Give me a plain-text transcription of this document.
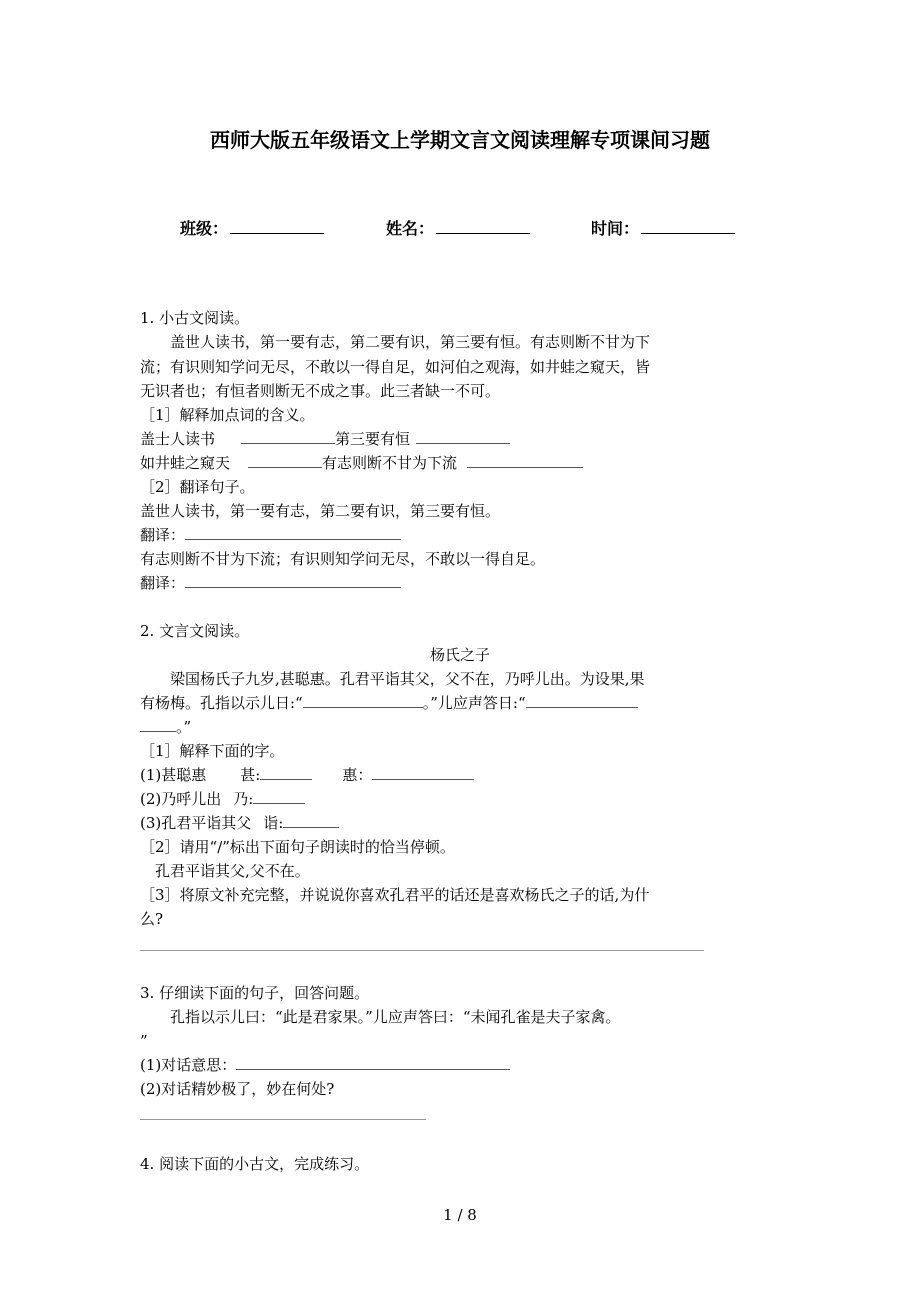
西师大版五年级语文上学期文言文阅读理解专项课间习题
班级：	姓名：	时间：
1. 小古文阅读。
　　盖世人读书，第一要有志，第二要有识，第三要有恒。有志则断不甘为下
流；有识则知学问无尽，不敢以一得自足，如河伯之观海，如井蛙之窥天，皆
无识者也；有恒者则断无不成之事。此三者缺一不可。
［1］解释加点词的含义。
盖士人读书	第三要有恒
如井蛙之窥天	有志则断不甘为下流
［2］翻译句子。
盖世人读书，第一要有志，第二要有识，第三要有恒。
翻译：
有志则断不甘为下流；有识则知学问无尽，不敢以一得自足。
翻译：
2. 文言文阅读。
杨氏之子
　　梁国杨氏子九岁,甚聪惠。孔君平诣其父，父不在，乃呼儿出。为设果,果
有杨梅。孔指以示儿日:“	。”儿应声答日:“
。”
［1］解释下面的字。
(1)甚聪惠 甚:	惠：
(2)乃呼儿出 乃:
(3)孔君平诣其父 诣:
［2］请用“/”标出下面句子朗读时的恰当停顿。
　孔君平诣其父,父不在。
［3］将原文补充完整，并说说你喜欢孔君平的话还是喜欢杨氏之子的话,为什
么?
3. 仔细读下面的句子，回答问题。
　　孔指以示儿曰：“此是君家果。”儿应声答曰：“未闻孔雀是夫子家禽。
”
(1)对话意思：
(2)对话精妙极了，妙在何处?
4. 阅读下面的小古文，完成练习。
1 / 8
